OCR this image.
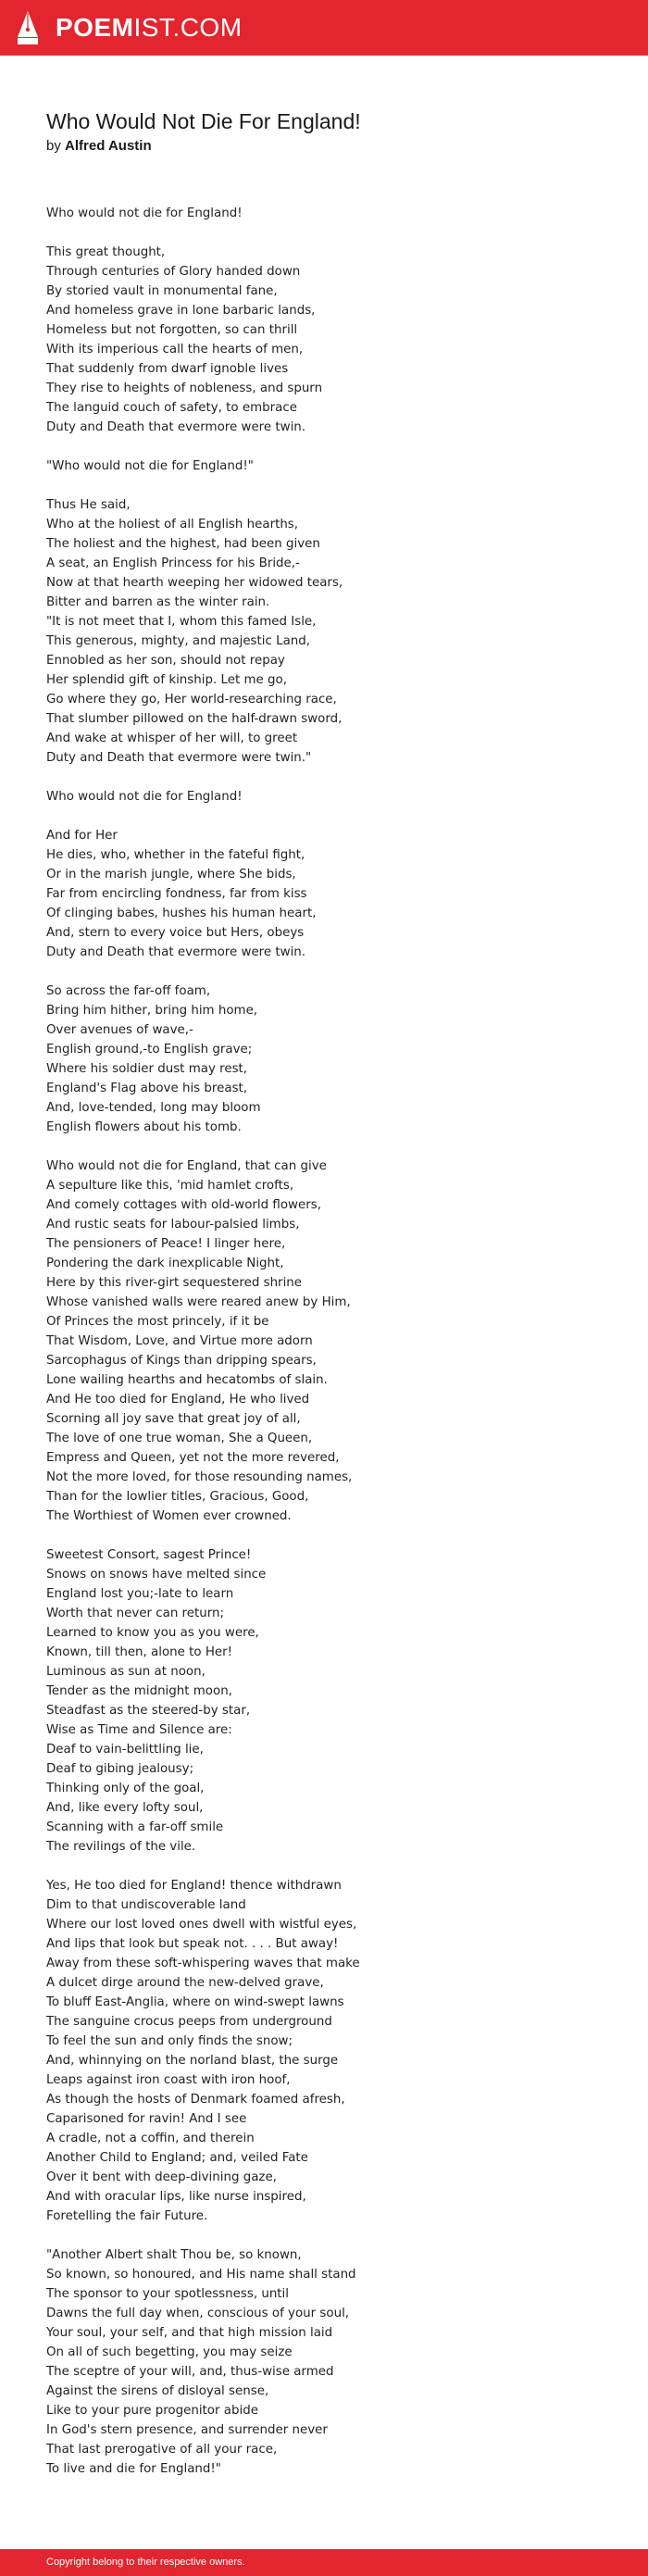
POEMIST.COM
Who Would Not Die For England!
by Alfred Austin
Who would not die for England!
This great thought,
Through centuries of Glory handed down
By storied vault in monumental fane,
And homeless grave in lone barbaric lands,
Homeless but not forgotten, so can thrill
With its imperious call the hearts of men,
That suddenly from dwarf ignoble lives
They rise to heights of nobleness, and spurn
The languid couch of safety, to embrace
Duty and Death that evermore were twin.
"Who would not die for England!"
Thus He said,
Who at the holiest of all English hearths,
The holiest and the highest, had been given
A seat, an English Princess for his Bride,-
Now at that hearth weeping her widowed tears,
Bitter and barren as the winter rain.
"It is not meet that I, whom this famed Isle,
This generous, mighty, and majestic Land,
Ennobled as her son, should not repay
Her splendid gift of kinship. Let me go,
Go where they go, Her world-researching race,
That slumber pillowed on the half-drawn sword,
And wake at whisper of her will, to greet
Duty and Death that evermore were twin."
Who would not die for England!
And for Her
He dies, who, whether in the fateful fight,
Or in the marish jungle, where She bids,
Far from encircling fondness, far from kiss
Of clinging babes, hushes his human heart,
And, stern to every voice but Hers, obeys
Duty and Death that evermore were twin.
So across the far-off foam,
Bring him hither, bring him home,
Over avenues of wave,-
English ground,-to English grave;
Where his soldier dust may rest,
England's Flag above his breast,
And, love-tended, long may bloom
English flowers about his tomb.
Who would not die for England, that can give
A sepulture like this, 'mid hamlet crofts,
And comely cottages with old-world flowers,
And rustic seats for labour-palsied limbs,
The pensioners of Peace! I linger here,
Pondering the dark inexplicable Night,
Here by this river-girt sequestered shrine
Whose vanished walls were reared anew by Him,
Of Princes the most princely, if it be
That Wisdom, Love, and Virtue more adorn
Sarcophagus of Kings than dripping spears,
Lone wailing hearths and hecatombs of slain.
And He too died for England, He who lived
Scorning all joy save that great joy of all,
The love of one true woman, She a Queen,
Empress and Queen, yet not the more revered,
Not the more loved, for those resounding names,
Than for the lowlier titles, Gracious, Good,
The Worthiest of Women ever crowned.
Sweetest Consort, sagest Prince!
Snows on snows have melted since
England lost you;-late to learn
Worth that never can return;
Learned to know you as you were,
Known, till then, alone to Her!
Luminous as sun at noon,
Tender as the midnight moon,
Steadfast as the steered-by star,
Wise as Time and Silence are:
Deaf to vain-belittling lie,
Deaf to gibing jealousy;
Thinking only of the goal,
And, like every lofty soul,
Scanning with a far-off smile
The revilings of the vile.
Yes, He too died for England! thence withdrawn
Dim to that undiscoverable land
Where our lost loved ones dwell with wistful eyes,
And lips that look but speak not. . . . But away!
Away from these soft-whispering waves that make
A dulcet dirge around the new-delved grave,
To bluff East-Anglia, where on wind-swept lawns
The sanguine crocus peeps from underground
To feel the sun and only finds the snow;
And, whinnying on the norland blast, the surge
Leaps against iron coast with iron hoof,
As though the hosts of Denmark foamed afresh,
Caparisoned for ravin! And I see
A cradle, not a coffin, and therein
Another Child to England; and, veiled Fate
Over it bent with deep-divining gaze,
And with oracular lips, like nurse inspired,
Foretelling the fair Future.
"Another Albert shalt Thou be, so known,
So known, so honoured, and His name shall stand
The sponsor to your spotlessness, until
Dawns the full day when, conscious of your soul,
Your soul, your self, and that high mission laid
On all of such begetting, you may seize
The sceptre of your will, and, thus-wise armed
Against the sirens of disloyal sense,
Like to your pure progenitor abide
In God's stern presence, and surrender never
That last prerogative of all your race,
To live and die for England!"
Copyright belong to their respective owners.
